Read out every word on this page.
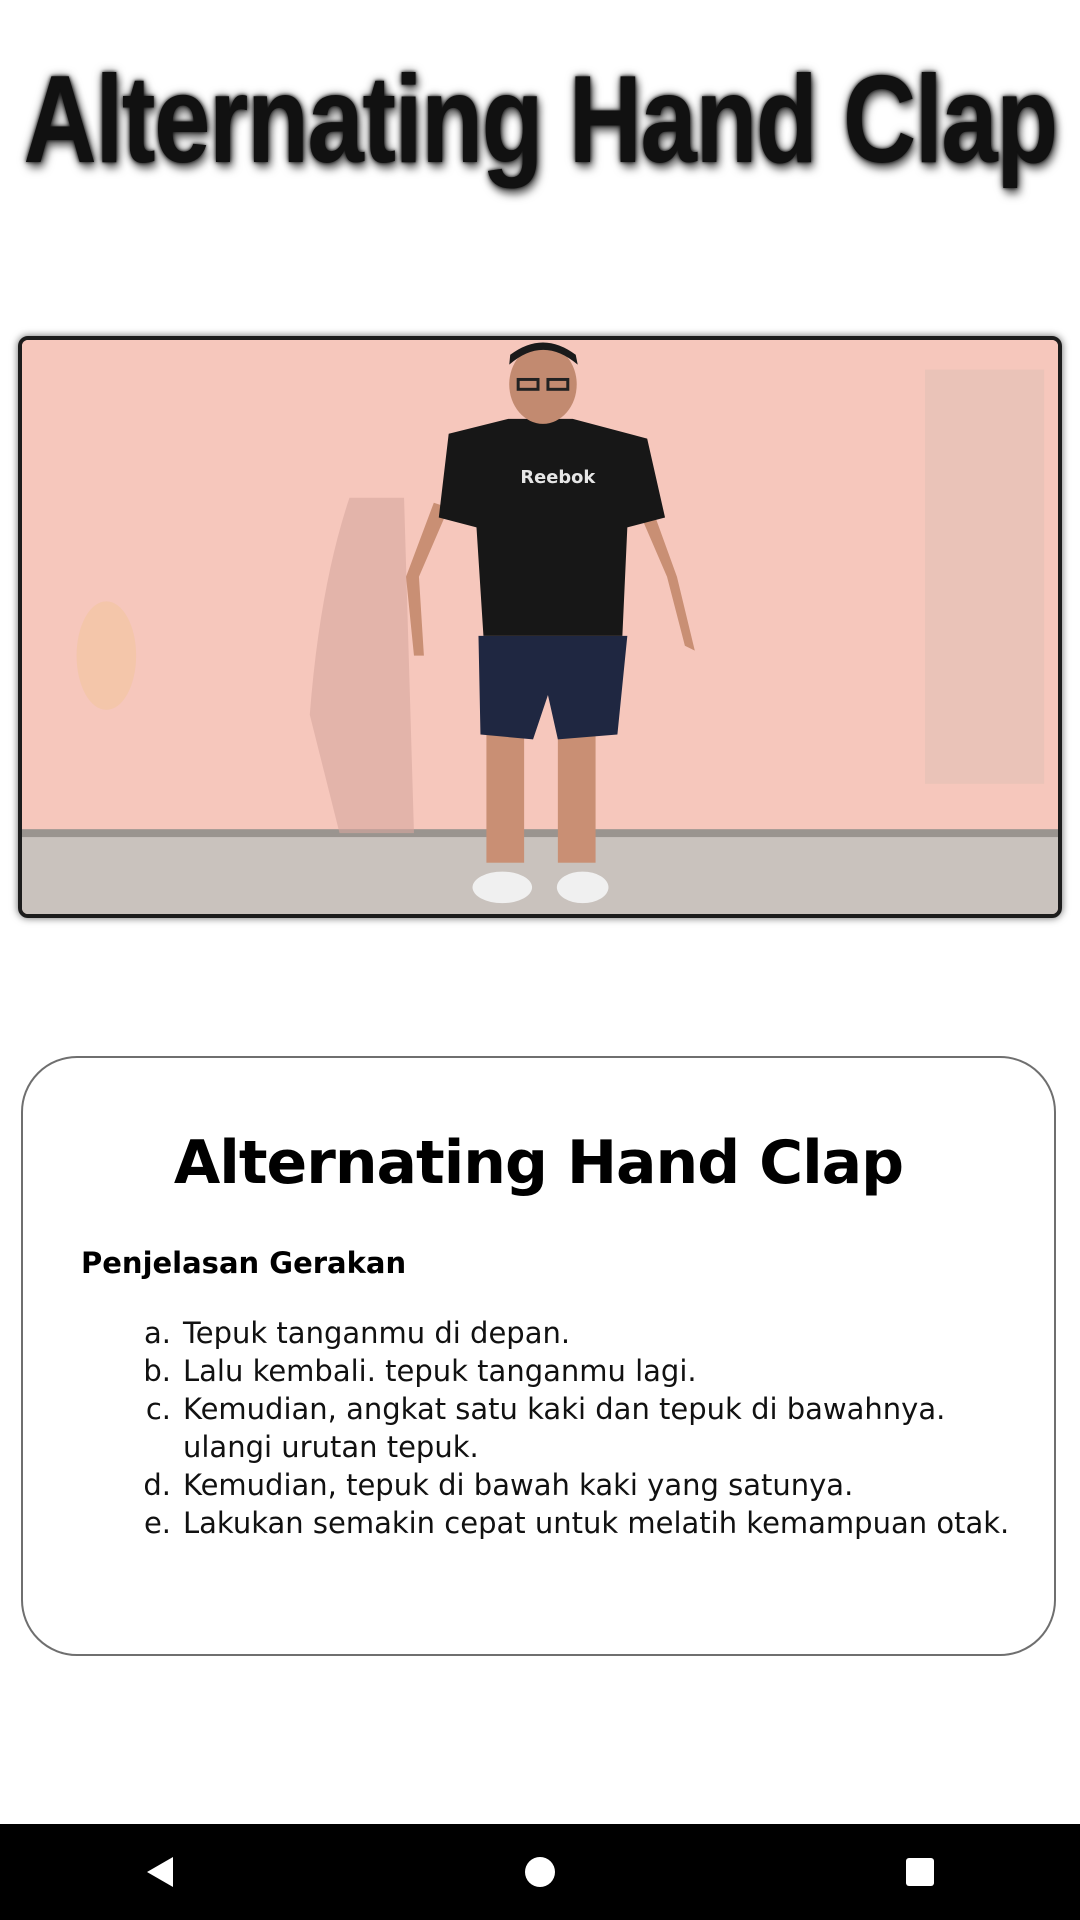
Alternating Hand Clap
Reebok
Alternating Hand Clap
Penjelasan Gerakan
a. Tepuk tanganmu di depan.
b. Lalu kembali. tepuk tanganmu lagi.
c. Kemudian, angkat satu kaki dan tepuk di bawahnya. ulangi urutan tepuk.
d. Kemudian, tepuk di bawah kaki yang satunya.
e. Lakukan semakin cepat untuk melatih kemampuan otak.
